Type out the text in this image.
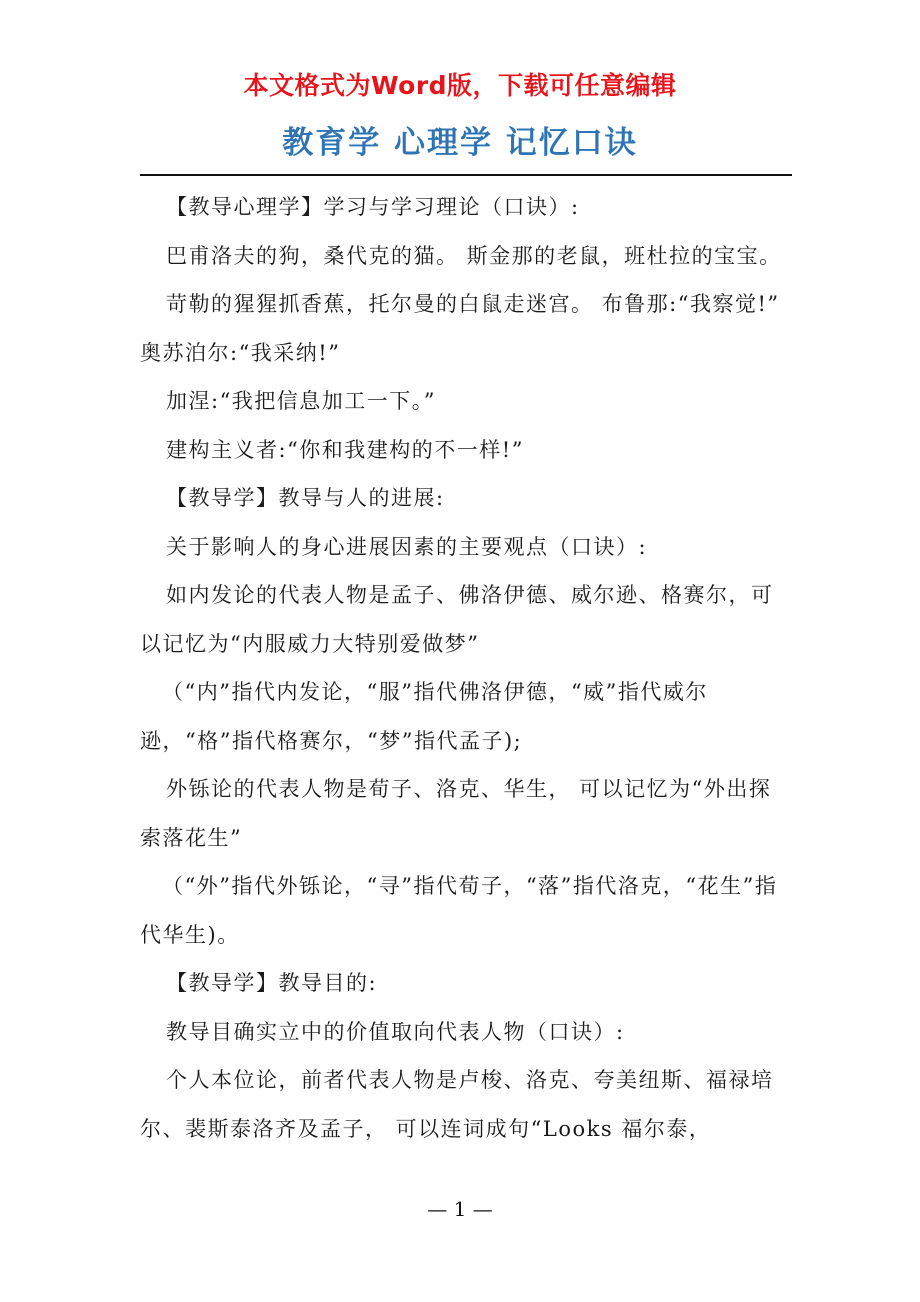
本文格式为Word版，下载可任意编辑
教育学 心理学 记忆口诀

【教导心理学】学习与学习理论（口诀）:

巴甫洛夫的狗，桑代克的猫。 斯金那的老鼠，班杜拉的宝宝。

苛勒的猩猩抓香蕉，托尔曼的白鼠走迷宫。 布鲁那:“我察觉!” 奥苏泊尔:“我采纳!”

加涅:“我把信息加工一下。”

建构主义者:“你和我建构的不一样!”

【教导学】教导与人的进展:

关于影响人的身心进展因素的主要观点（口诀）:

如内发论的代表人物是孟子、佛洛伊德、威尔逊、格赛尔，可以记忆为“内服威力大特别爱做梦”

（“内”指代内发论，“服”指代佛洛伊德，“威”指代威尔逊，“格”指代格赛尔，“梦”指代孟子);

外铄论的代表人物是荀子、洛克、华生， 可以记忆为“外出探索落花生”

（“外”指代外铄论，“寻”指代荀子，“落”指代洛克，“花生”指代华生)。

【教导学】教导目的:

教导目确实立中的价值取向代表人物（口诀）:

个人本位论，前者代表人物是卢梭、洛克、夸美纽斯、福禄培尔、裴斯泰洛齐及孟子， 可以连词成句“Looks 福尔泰，

— 1 —
